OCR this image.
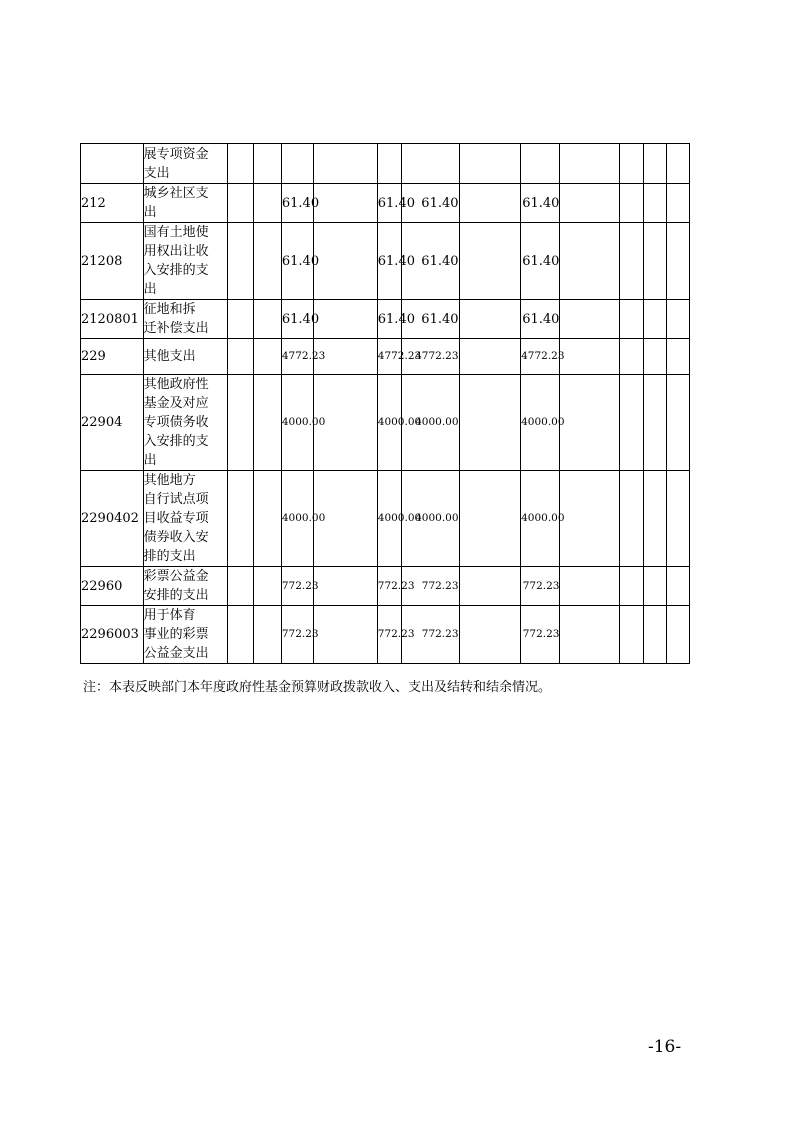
	展专项资金
支出												
212	城乡社区支
出			61.40		61.40	61.40		61.40				
21208	国有土地使
用权出让收
入安排的支
出			61.40		61.40	61.40		61.40				
2120801	征地和拆
迁补偿支出			61.40		61.40	61.40		61.40				
229	其他支出			4772.23		4772.23	4772.23		4772.23				
22904	其他政府性
基金及对应
专项债务收
入安排的支
出			4000.00		4000.00	4000.00		4000.00				
2290402	其他地方
自行试点项
目收益专项
债券收入安
排的支出			4000.00		4000.00	4000.00		4000.00				
22960	彩票公益金
安排的支出			772.23		772.23	772.23		772.23				
2296003	用于体育
事业的彩票
公益金支出			772.23		772.23	772.23		772.23				
注：本表反映部门本年度政府性基金预算财政拨款收入、支出及结转和结余情况。
-16-
